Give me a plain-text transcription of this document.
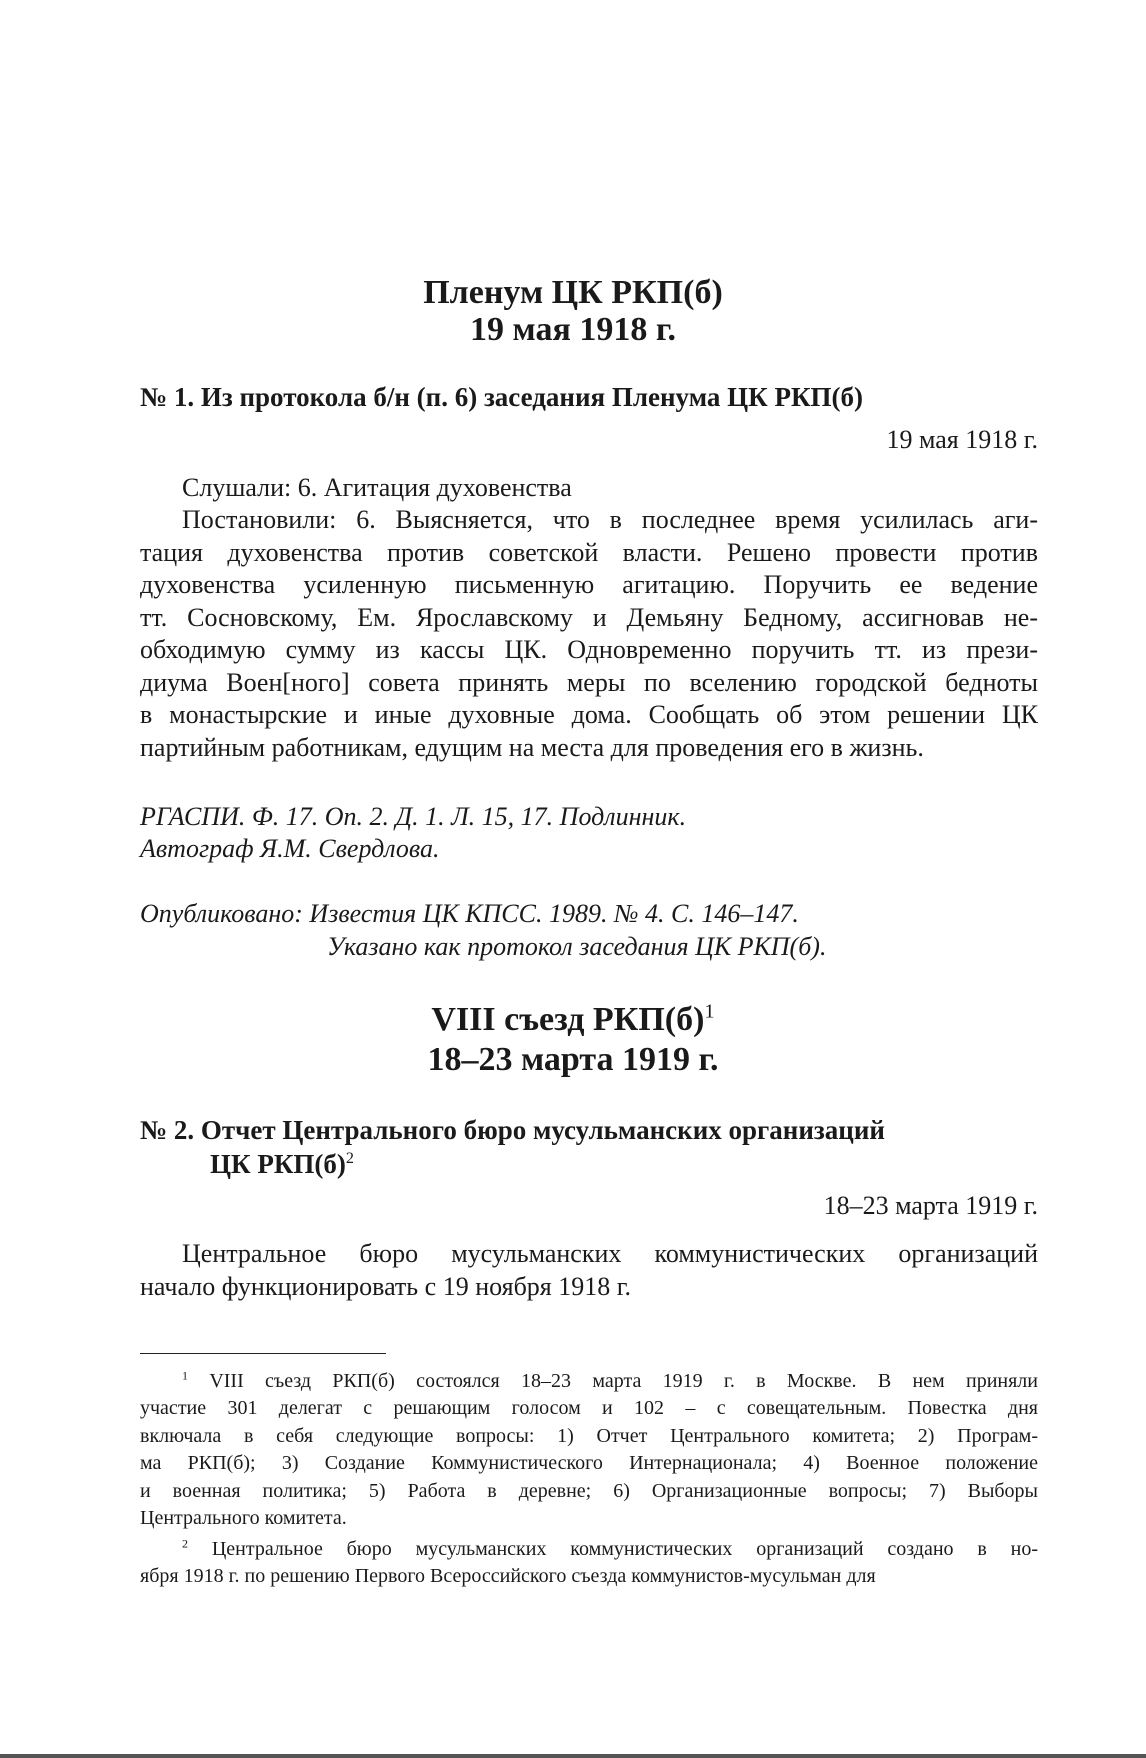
Пленум ЦК РКП(б)
19 мая 1918 г.
№ 1. Из протокола б/н (п. 6) заседания Пленума ЦК РКП(б)
19 мая 1918 г.
Слушали: 6. Агитация духовенства
Постановили: 6. Выясняется, что в последнее время усилилась аги-
тация духовенства против советской власти. Решено провести против
духовенства усиленную письменную агитацию. Поручить ее ведение
тт. Сосновскому, Ем. Ярославскому и Демьяну Бедному, ассигновав не-
обходимую сумму из кассы ЦК. Одновременно поручить тт. из прези-
диума Воен[ного] совета принять меры по вселению городской бедноты
в монастырские и иные духовные дома. Сообщать об этом решении ЦК
партийным работникам, едущим на места для проведения его в жизнь.
РГАСПИ. Ф. 17. Оп. 2. Д. 1. Л. 15, 17. Подлинник.
Автограф Я.М. Свердлова.
Опубликовано: Известия ЦК КПСС. 1989. № 4. С. 146–147.
Указано как протокол заседания ЦК РКП(б).
VIII съезд $РКП(б)^1$
18–23 марта 1919 г.
№ 2. Отчет Центрального бюро мусульманских организаций
ЦК $РКП(б)^2$
18–23 марта 1919 г.
Центральное бюро мусульманских коммунистических организаций
начало функционировать с 19 ноября 1918 г.
$^1$ VIII съезд РКП(б) состоялся 18–23 марта 1919 г. в Москве. В нем приняли
участие 301 делегат с решающим голосом и 102 – с совещательным. Повестка дня
включала в себя следующие вопросы: 1) Отчет Центрального комитета; 2) Програм-
ма РКП(б); 3) Создание Коммунистического Интернационала; 4) Военное положение
и военная политика; 5) Работа в деревне; 6) Организационные вопросы; 7) Выборы
Центрального комитета.
$^2$ Центральное бюро мусульманских коммунистических организаций создано в но-
ября 1918 г. по решению Первого Всероссийского съезда коммунистов-мусульман для
